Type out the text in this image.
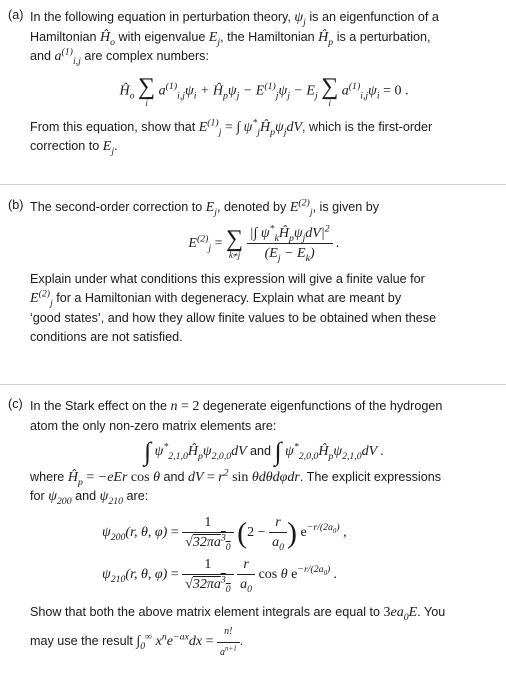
(a) In the following equation in perturbation theory, $\psi_j$ is an eigenfunction of a
Hamiltonian $Ĥ_o$ with eigenvalue $E_j$, the Hamiltonian $Ĥ_p$ is a perturbation,
and $a^{(1)}_{i,j}$ are complex numbers:

$Ĥ_o$ ∑
i
$a^{(1)}_{i,j}\psi_i$ + $Ĥ_p\psi_j - E^{(1)}_j\psi_j - E_j$ ∑
i
$a^{(1)}_{i,j}\psi_i = 0$ .

From this equation, show that $E^{(1)}_j$ = ∫ $\psi^*_jĤ_p\psi_jdV$, which is the first-order
correction to $E_j$.

(b) The second-order correction to $E_j$, denoted by $E^{(2)}_j$, is given by

$E^{(2)}_j$ = ∑
k≠j
$\frac{|\int \psi^*_kĤ_p\psi_jdV|^2}{(E_j - E_k)}$ .

Explain under what conditions this expression will give a finite value for
$E^{(2)}_j$ for a Hamiltonian with degeneracy. Explain what are meant by
‘good states’, and how they allow finite values to be obtained when these
conditions are not satisfied.

(c) In the Stark effect on the n = 2 degenerate eigenfunctions of the hydrogen
atom the only non-zero matrix elements are:

∫ $\psi^*_{2,1,0}Ĥ_p\psi_{2,0,0}dV$ and ∫ $\psi^*_{2,0,0}Ĥ_p\psi_{2,1,0}dV$ .

where $Ĥ_p = -eEr$ cos θ and dV = $r^2$ sin θdθdφdr. The explicit expressions
for $\psi_{200}$ and $\psi_{210}$ are:

$\psi_{200}(r$, θ, $\varphi) = \frac{1}{√32\pi a^3_0} (2 - \frac{r}{a_0}$ ) $e^{-r/(2a_0)}$ ,
$\psi_{210}(r$, θ, $\varphi) = \frac{1}{√32\pi a^3_0}$
$\frac{r}{a_0}$ cos θ $e^{-r/(2a_0)}$ .

Show that both the above matrix element integrals are equal to $3ea_0E$. You
may use the result $\int_0^\infty$ $x^ne^{-ax}dx = \frac{n!}{a^{n+1}}$ .
